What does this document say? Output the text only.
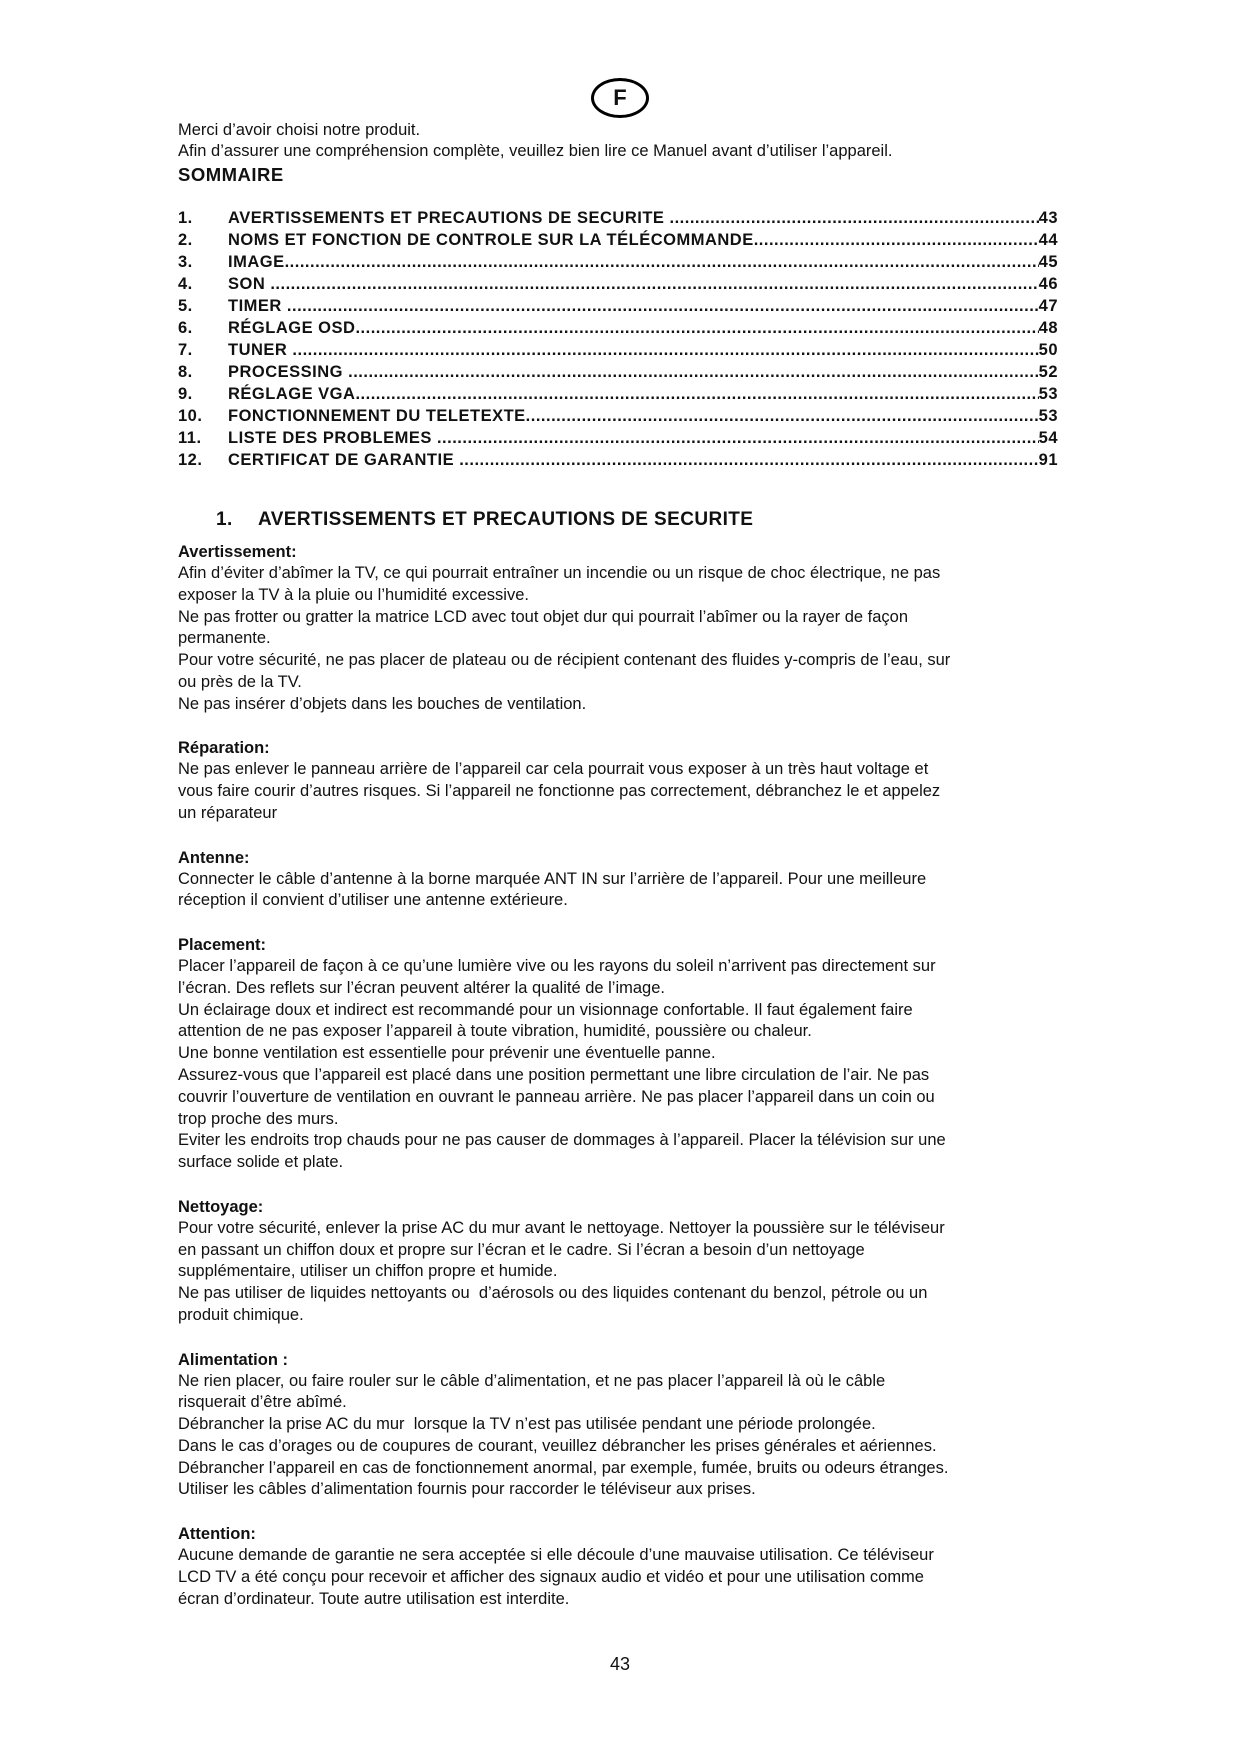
F
Merci d’avoir choisi notre produit.
Afin d’assurer une compréhension complète, veuillez bien lire ce Manuel avant d’utiliser l’appareil.
SOMMAIRE
1.	AVERTISSEMENTS ET PRECAUTIONS DE SECURITE .....	43
2.	NOMS ET FONCTION DE CONTROLE SUR LA TÉLÉCOMMANDE .....	44
3.	IMAGE .....	45
4.	SON .....	46
5.	TIMER .....	47
6.	RÉGLAGE OSD .....	48
7.	TUNER .....	50
8.	PROCESSING .....	52
9.	RÉGLAGE VGA .....	53
10.	FONCTIONNEMENT DU TELETEXTE .....	53
11.	LISTE DES PROBLEMES .....	54
12.	CERTIFICAT DE GARANTIE .....	91
1. AVERTISSEMENTS ET PRECAUTIONS DE SECURITE
Avertissement:
Afin d’éviter d’abîmer la TV, ce qui pourrait entraîner un incendie ou un risque de choc électrique, ne pas
exposer la TV à la pluie ou l’humidité excessive.
Ne pas frotter ou gratter la matrice LCD avec tout objet dur qui pourrait l’abîmer ou la rayer de façon
permanente.
Pour votre sécurité, ne pas placer de plateau ou de récipient contenant des fluides y-compris de l’eau, sur
ou près de la TV.
Ne pas insérer d’objets dans les bouches de ventilation.
Réparation:
Ne pas enlever le panneau arrière de l’appareil car cela pourrait vous exposer à un très haut voltage et
vous faire courir d’autres risques. Si l’appareil ne fonctionne pas correctement, débranchez le et appelez
un réparateur
Antenne:
Connecter le câble d’antenne à la borne marquée ANT IN sur l’arrière de l’appareil. Pour une meilleure
réception il convient d’utiliser une antenne extérieure.
Placement:
Placer l’appareil de façon à ce qu’une lumière vive ou les rayons du soleil n’arrivent pas directement sur
l’écran. Des reflets sur l’écran peuvent altérer la qualité de l’image.
Un éclairage doux et indirect est recommandé pour un visionnage confortable. Il faut également faire
attention de ne pas exposer l’appareil à toute vibration, humidité, poussière ou chaleur.
Une bonne ventilation est essentielle pour prévenir une éventuelle panne.
Assurez-vous que l’appareil est placé dans une position permettant une libre circulation de l’air. Ne pas
couvrir l’ouverture de ventilation en ouvrant le panneau arrière. Ne pas placer l’appareil dans un coin ou
trop proche des murs.
Eviter les endroits trop chauds pour ne pas causer de dommages à l’appareil. Placer la télévision sur une
surface solide et plate.
Nettoyage:
Pour votre sécurité, enlever la prise AC du mur avant le nettoyage. Nettoyer la poussière sur le téléviseur
en passant un chiffon doux et propre sur l’écran et le cadre. Si l’écran a besoin d’un nettoyage
supplémentaire, utiliser un chiffon propre et humide.
Ne pas utiliser de liquides nettoyants ou  d’aérosols ou des liquides contenant du benzol, pétrole ou un
produit chimique.
Alimentation :
Ne rien placer, ou faire rouler sur le câble d’alimentation, et ne pas placer l’appareil là où le câble
risquerait d’être abîmé.
Débrancher la prise AC du mur  lorsque la TV n’est pas utilisée pendant une période prolongée.
Dans le cas d’orages ou de coupures de courant, veuillez débrancher les prises générales et aériennes.
Débrancher l’appareil en cas de fonctionnement anormal, par exemple, fumée, bruits ou odeurs étranges.
Utiliser les câbles d’alimentation fournis pour raccorder le téléviseur aux prises.
Attention:
Aucune demande de garantie ne sera acceptée si elle découle d’une mauvaise utilisation. Ce téléviseur
LCD TV a été conçu pour recevoir et afficher des signaux audio et vidéo et pour une utilisation comme
écran d’ordinateur. Toute autre utilisation est interdite.
43
